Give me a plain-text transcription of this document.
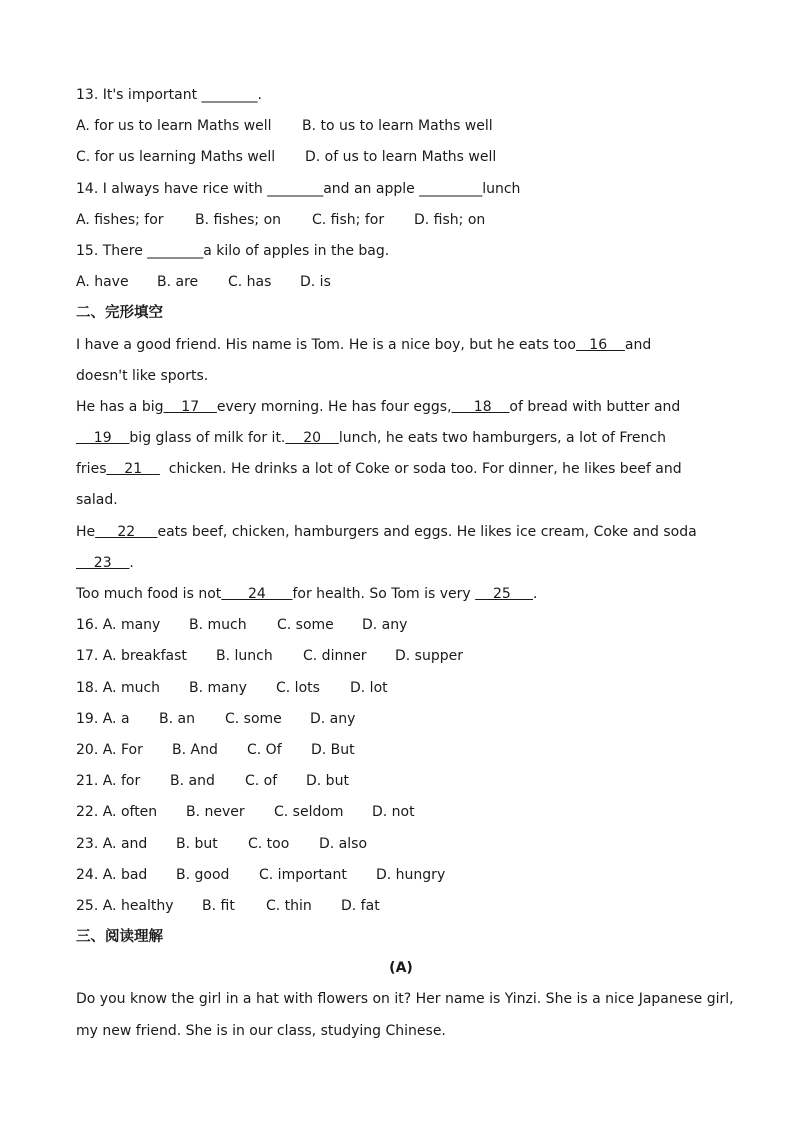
13. It's important ________.
A. for us to learn Maths well B. to us to learn Maths well
C. for us learning Maths well D. of us to learn Maths well
14. I always have rice with ________and an apple _________lunch
A. fishes; for B. fishes; on C. fish; for D. fish; on
15. There ________a kilo of apples in the bag.
A. have B. are C. has D. is
二、完形填空
I have a good friend. His name is Tom. He is a nice boy, but he eats too   16    and
doesn't like sports.
He has a big    17    every morning. He has four eggs,     18    of bread with butter and
19    big glass of milk for it.    20    lunch, he eats two hamburgers, a lot of French
fries    21      chicken. He drinks a lot of Coke or soda too. For dinner, he likes beef and
salad.
He     22     eats beef, chicken, hamburgers and eggs. He likes ice cream, Coke and soda
23    .
Too much food is not      24      for health. So Tom is very     25     .
16. A. many B. much C. some D. any
17. A. breakfast B. lunch C. dinner D. supper
18. A. much B. many C. lots D. lot
19. A. a B. an C. some D. any
20. A. For B. And C. Of D. But
21. A. for B. and C. of D. but
22. A. often B. never C. seldom D. not
23. A. and B. but C. too D. also
24. A. bad B. good C. important D. hungry
25. A. healthy B. fit C. thin D. fat
三、阅读理解
(A)
Do you know the girl in a hat with flowers on it? Her name is Yinzi. She is a nice Japanese girl,
my new friend. She is in our class, studying Chinese.
